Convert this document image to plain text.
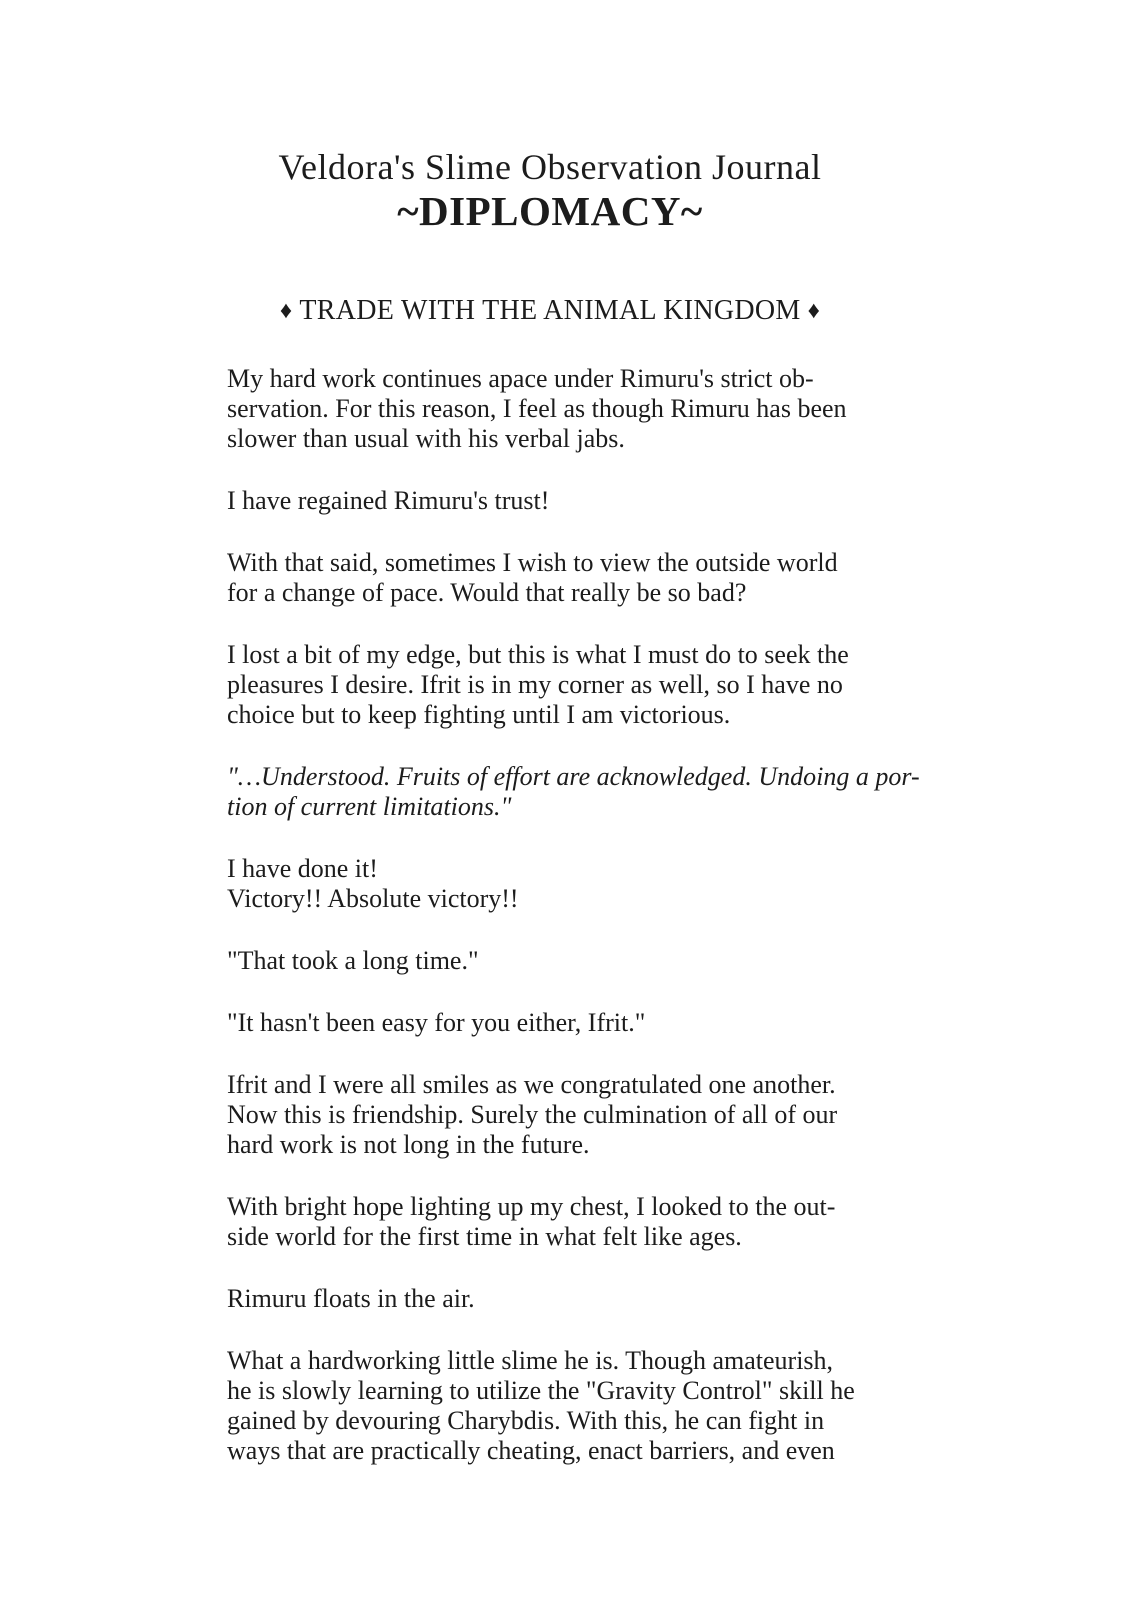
Veldora's Slime Observation Journal
~DIPLOMACY~
♦ TRADE WITH THE ANIMAL KINGDOM ♦
My hard work continues apace under Rimuru's strict ob-
servation. For this reason, I feel as though Rimuru has been
slower than usual with his verbal jabs.
I have regained Rimuru's trust!
With that said, sometimes I wish to view the outside world
for a change of pace. Would that really be so bad?
I lost a bit of my edge, but this is what I must do to seek the
pleasures I desire. Ifrit is in my corner as well, so I have no
choice but to keep fighting until I am victorious.
"…Understood. Fruits of effort are acknowledged. Undoing a por-
tion of current limitations."
I have done it!
Victory!! Absolute victory!!
"That took a long time."
"It hasn't been easy for you either, Ifrit."
Ifrit and I were all smiles as we congratulated one another.
Now this is friendship. Surely the culmination of all of our
hard work is not long in the future.
With bright hope lighting up my chest, I looked to the out-
side world for the first time in what felt like ages.
Rimuru floats in the air.
What a hardworking little slime he is. Though amateurish,
he is slowly learning to utilize the "Gravity Control" skill he
gained by devouring Charybdis. With this, he can fight in
ways that are practically cheating, enact barriers, and even
